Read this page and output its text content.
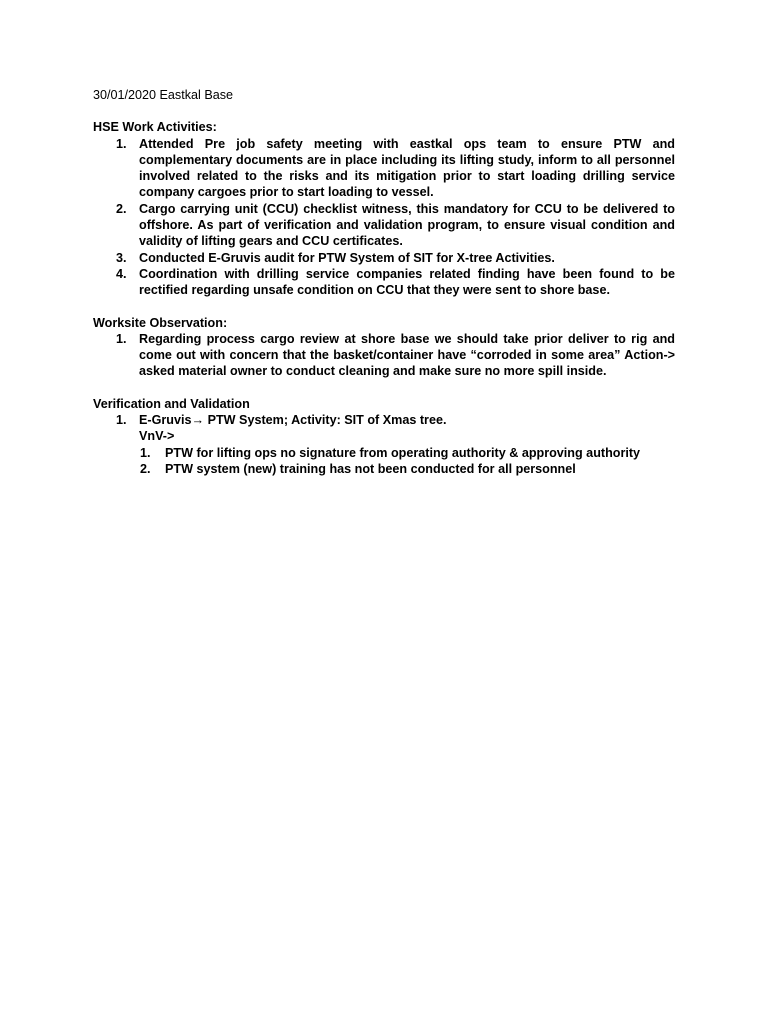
30/01/2020 Eastkal Base

HSE Work Activities:

1. Attended Pre job safety meeting with eastkal ops team to ensure PTW and complementary documents are in place including its lifting study, inform to all personnel involved related to the risks and its mitigation prior to start loading drilling service company cargoes prior to start loading to vessel.
2. Cargo carrying unit (CCU) checklist witness, this mandatory for CCU to be delivered to offshore. As part of verification and validation program, to ensure visual condition and validity of lifting gears and CCU certificates.
3. Conducted E-Gruvis audit for PTW System of SIT for X-tree Activities.
4. Coordination with drilling service companies related finding have been found to be rectified regarding unsafe condition on CCU that they were sent to shore base.

Worksite Observation:

1. Regarding process cargo review at shore base we should take prior deliver to rig and come out with concern that the basket/container have “corroded in some area” Action-> asked material owner to conduct cleaning and make sure no more spill inside.

Verification and Validation

1. E-Gruvis→ PTW System; Activity: SIT of Xmas tree.
VnV->
1. PTW for lifting ops no signature from operating authority & approving authority
2. PTW system (new) training has not been conducted for all personnel
